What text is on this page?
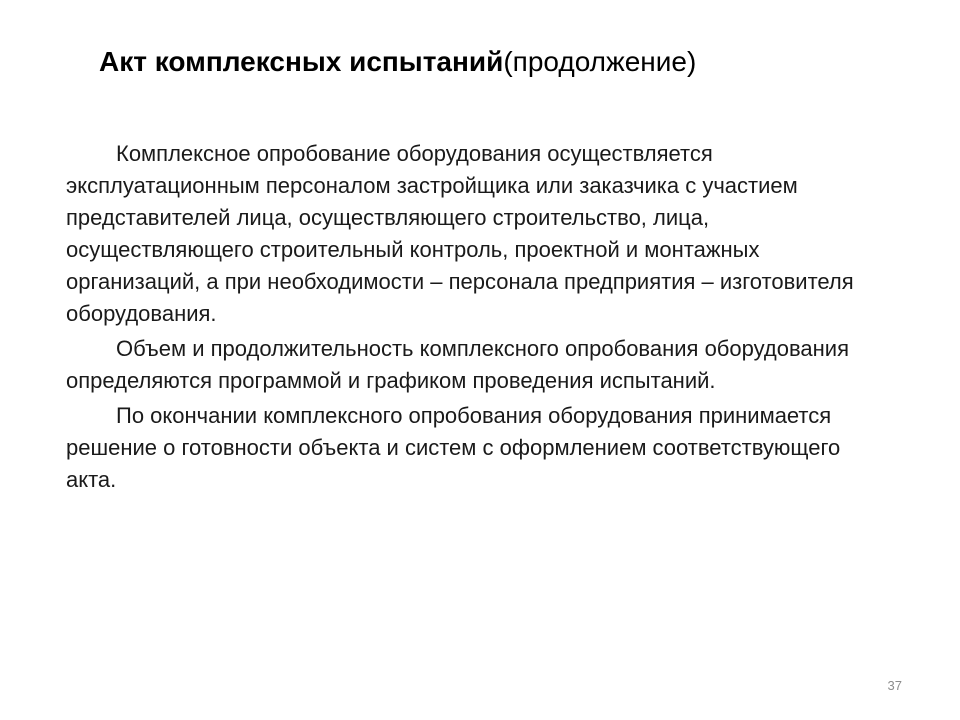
Акт комплексных испытаний(продолжение)

Комплексное опробование оборудования осуществляется эксплуатационным персоналом застройщика или заказчика с участием представителей лица, осуществляющего строительство, лица, осуществляющего строительный контроль, проектной и монтажных организаций, а при необходимости – персонала предприятия – изготовителя оборудования.

Объем и продолжительность комплексного опробования оборудования определяются программой и графиком проведения испытаний.

По окончании комплексного опробования оборудования принимается решение о готовности объекта и систем с оформлением соответствующего акта.

37
